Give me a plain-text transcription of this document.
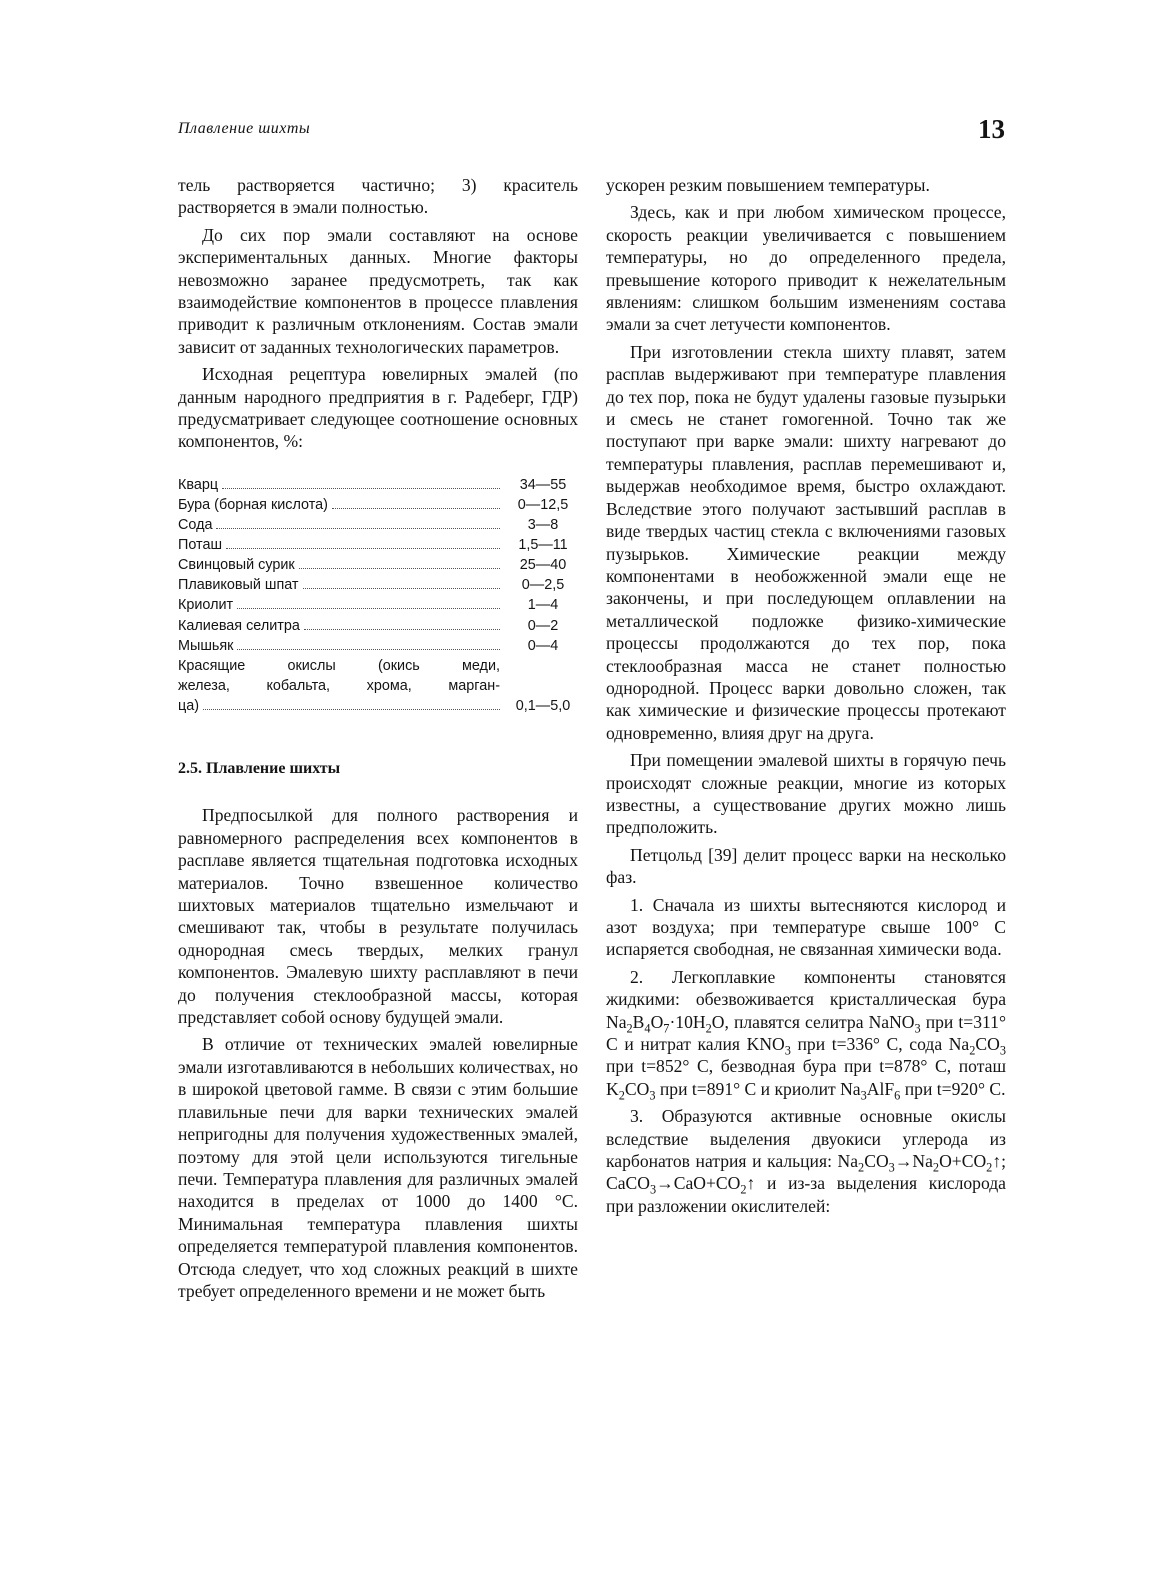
Плавление шихты	13

тель растворяется частично; 3) краситель растворяется в эмали полностью.

До сих пор эмали составляют на основе экспериментальных данных. Многие факторы невозможно заранее предусмотреть, так как взаимодействие компонентов в процессе плавления приводит к различным отклонениям. Состав эмали зависит от заданных технологических параметров.

Исходная рецептура ювелирных эмалей (по данным народного предприятия в г. Радеберг, ГДР) предусматривает следующее соотношение основных компонентов, %:

Кварц	34—55
Бура (борная кислота)	0—12,5
Сода	3—8
Поташ	1,5—11
Свинцовый сурик	25—40
Плавиковый шпат	0—2,5
Криолит	1—4
Калиевая селитра	0—2
Мышьяк	0—4
Красящие окислы (окись меди,
железа, кобальта, хрома, марган-
ца)	0,1—5,0
2.5. Плавление шихты

Предпосылкой для полного растворения и равномерного распределения всех компонентов в расплаве является тщательная подготовка исходных материалов. Точно взвешенное количество шихтовых материалов тщательно измельчают и смешивают так, чтобы в результате получилась однородная смесь твердых, мелких гранул компонентов. Эмалевую шихту расплавляют в печи до получения стеклообразной массы, которая представляет собой основу будущей эмали.

В отличие от технических эмалей ювелирные эмали изготавливаются в небольших количествах, но в широкой цветовой гамме. В связи с этим большие плавильные печи для варки технических эмалей непригодны для получения художественных эмалей, поэтому для этой цели используются тигельные печи. Температура плавления для различных эмалей находится в пределах от 1000 до 1400 °С. Минимальная температура плавления шихты определяется температурой плавления компонентов. Отсюда следует, что ход сложных реакций в шихте требует определенного времени и не может быть

ускорен резким повышением температуры.

Здесь, как и при любом химическом процессе, скорость реакции увеличивается с повышением температуры, но до определенного предела, превышение которого приводит к нежелательным явлениям: слишком большим изменениям состава эмали за счет летучести компонентов.

При изготовлении стекла шихту плавят, затем расплав выдерживают при температуре плавления до тех пор, пока не будут удалены газовые пузырьки и смесь не станет гомогенной. Точно так же поступают при варке эмали: шихту нагревают до температуры плавления, расплав перемешивают и, выдержав необходимое время, быстро охлаждают. Вследствие этого получают застывший расплав в виде твердых частиц стекла с включениями газовых пузырьков. Химические реакции между компонентами в необожженной эмали еще не закончены, и при последующем оплавлении на металлической подложке физико-химические процессы продолжаются до тех пор, пока стеклообразная масса не станет полностью однородной. Процесс варки довольно сложен, так как химические и физические процессы протекают одновременно, влияя друг на друга.

При помещении эмалевой шихты в горячую печь происходят сложные реакции, многие из которых известны, а существование других можно лишь предположить.

Петцольд [39] делит процесс варки на несколько фаз.

1. Сначала из шихты вытесняются кислород и азот воздуха; при температуре свыше 100° С испаряется свободная, не связанная химически вода.

2. Легкоплавкие компоненты становятся жидкими: обезвоживается кристаллическая бура $Na_2B_4O_7\cdot 10H_2O$, плавятся селитра NaNO$_3$ при t=311° С и нитрат калия $KNO_3$ при t=336° С, сода $Na_2CO_3$ при t=852° С, безводная бура при t=878° С, поташ $K_2CO_3$ при t=891° С и криолит $Na_3AlF_6$ при t=920° С.

3. Образуются активные основные окислы вследствие выделения двуокиси углерода из карбонатов натрия и кальция: $Na_2CO_3\to Na_2O+CO_2↑$; $CaCO_3\to CaO+CO_2↑$ и из-за выделения кислорода при разложении окислителей:
